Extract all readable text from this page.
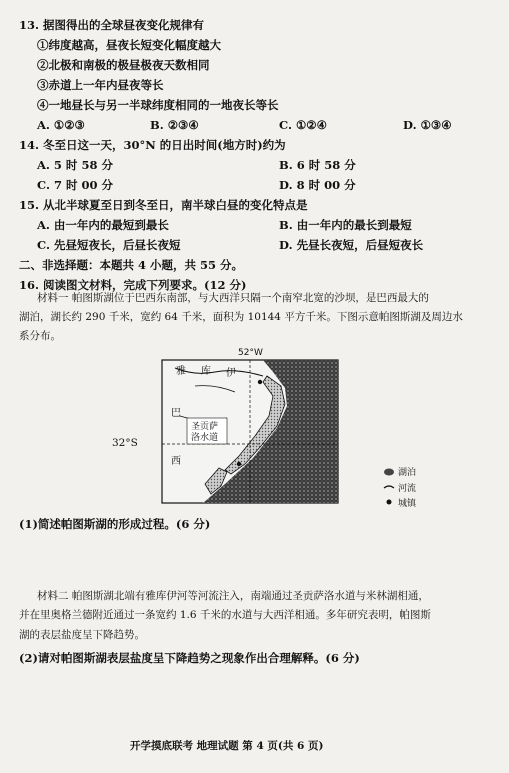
13. 据图得出的全球昼夜变化规律有
①纬度越高，昼夜长短变化幅度越大
②北极和南极的极昼极夜天数相同
③赤道上一年内昼夜等长
④一地昼长与另一半球纬度相同的一地夜长等长
A. ①②③	B. ②③④	C. ①②④	D. ①③④
14. 冬至日这一天，30°N 的日出时间(地方时)约为
A. 5 时 58 分	B. 6 时 58 分
C. 7 时 00 分	D. 8 时 00 分
15. 从北半球夏至日到冬至日，南半球白昼的变化特点是
A. 由一年内的最短到最长	B. 由一年内的最长到最短
C. 先昼短夜长，后昼长夜短	D. 先昼长夜短，后昼短夜长
二、非选择题：本题共 4 小题，共 55 分。
16. 阅读图文材料，完成下列要求。(12 分)
材料一 帕图斯湖位于巴西东南部，与大西洋只隔一个南窄北宽的沙坝，是巴西最大的
湖泊，湖长约 290 千米，宽约 64 千米，面积为 10144 平方千米。下图示意帕图斯湖及周边水
系分布。
52°W
雅 库 伊
巴
西
圣贡萨
洛水道
32°S
湖泊
河流
城镇
(1)简述帕图斯湖的形成过程。(6 分)
材料二 帕图斯湖北端有雅库伊河等河流注入，南端通过圣贡萨洛水道与米林湖相通，
并在里奥格兰德附近通过一条宽约 1.6 千米的水道与大西洋相通。多年研究表明，帕图斯
湖的表层盐度呈下降趋势。
(2)请对帕图斯湖表层盐度呈下降趋势之现象作出合理解释。(6 分)
开学摸底联考 地理试题 第 4 页(共 6 页)
